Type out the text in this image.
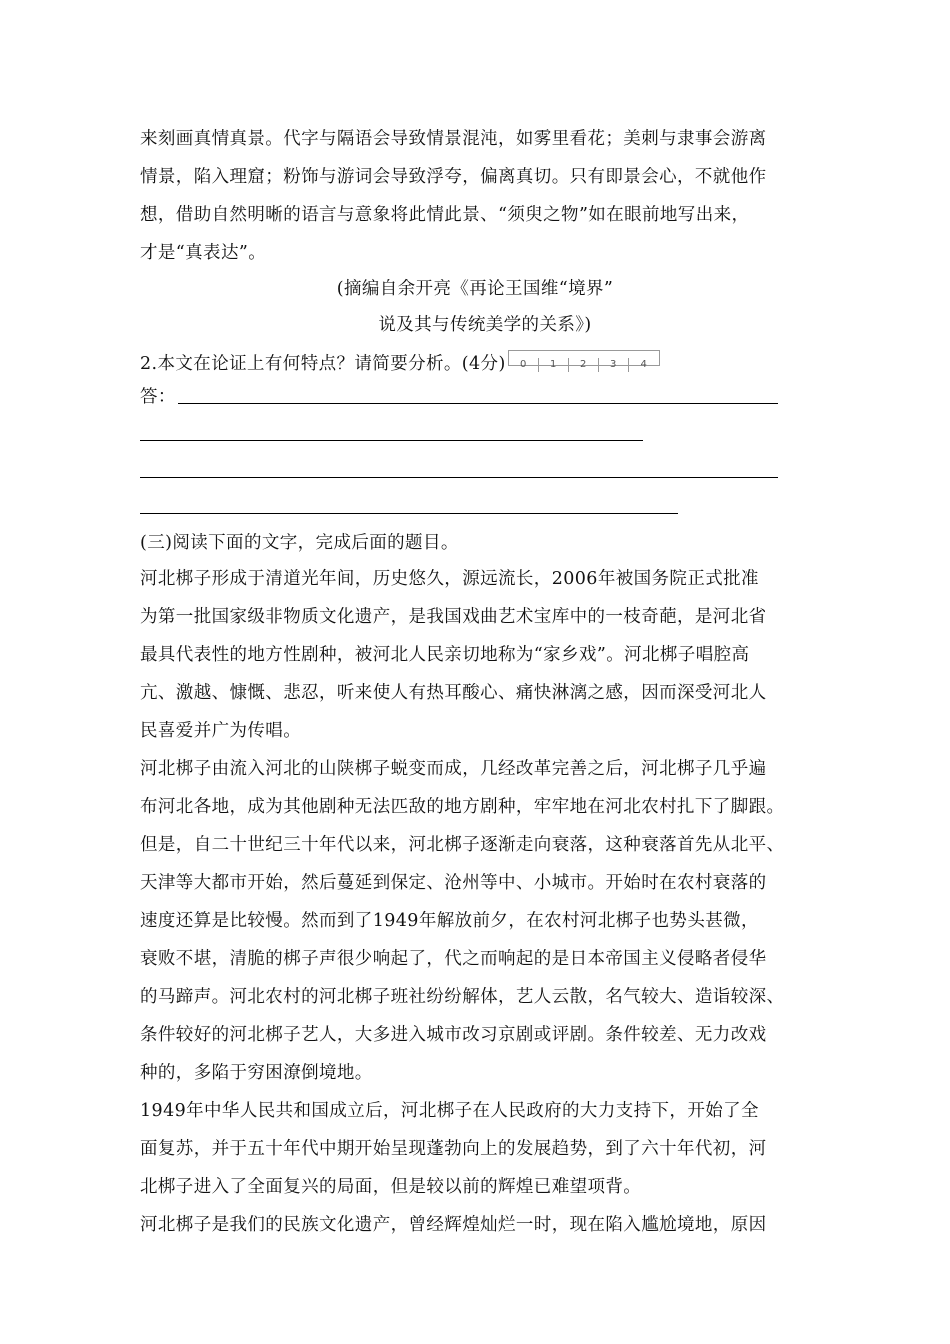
来刻画真情真景。代字与隔语会导致情景混沌，如雾里看花；美刺与隶事会游离
情景，陷入理窟；粉饰与游词会导致浮夸，偏离真切。只有即景会心，不就他作
想，借助自然明晰的语言与意象将此情此景、“须臾之物”如在眼前地写出来，
才是“真表达”。
(摘编自余开亮《再论王国维“境界”
说及其与传统美学的关系》)
2.本文在论证上有何特点？请简要分析。(4分) 0 1 2 3 4
答：
(三)阅读下面的文字，完成后面的题目。
河北梆子形成于清道光年间，历史悠久，源远流长，2006年被国务院正式批准
为第一批国家级非物质文化遗产，是我国戏曲艺术宝库中的一枝奇葩，是河北省
最具代表性的地方性剧种，被河北人民亲切地称为“家乡戏”。河北梆子唱腔高
亢、激越、慷慨、悲忍，听来使人有热耳酸心、痛快淋漓之感，因而深受河北人
民喜爱并广为传唱。
河北梆子由流入河北的山陕梆子蜕变而成，几经改革完善之后，河北梆子几乎遍
布河北各地，成为其他剧种无法匹敌的地方剧种，牢牢地在河北农村扎下了脚跟。
但是，自二十世纪三十年代以来，河北梆子逐渐走向衰落，这种衰落首先从北平、
天津等大都市开始，然后蔓延到保定、沧州等中、小城市。开始时在农村衰落的
速度还算是比较慢。然而到了1949年解放前夕，在农村河北梆子也势头甚微，
衰败不堪，清脆的梆子声很少响起了，代之而响起的是日本帝国主义侵略者侵华
的马蹄声。河北农村的河北梆子班社纷纷解体，艺人云散，名气较大、造诣较深、
条件较好的河北梆子艺人，大多进入城市改习京剧或评剧。条件较差、无力改戏
种的，多陷于穷困潦倒境地。
1949年中华人民共和国成立后，河北梆子在人民政府的大力支持下，开始了全
面复苏，并于五十年代中期开始呈现蓬勃向上的发展趋势，到了六十年代初，河
北梆子进入了全面复兴的局面，但是较以前的辉煌已难望项背。
河北梆子是我们的民族文化遗产，曾经辉煌灿烂一时，现在陷入尴尬境地，原因
